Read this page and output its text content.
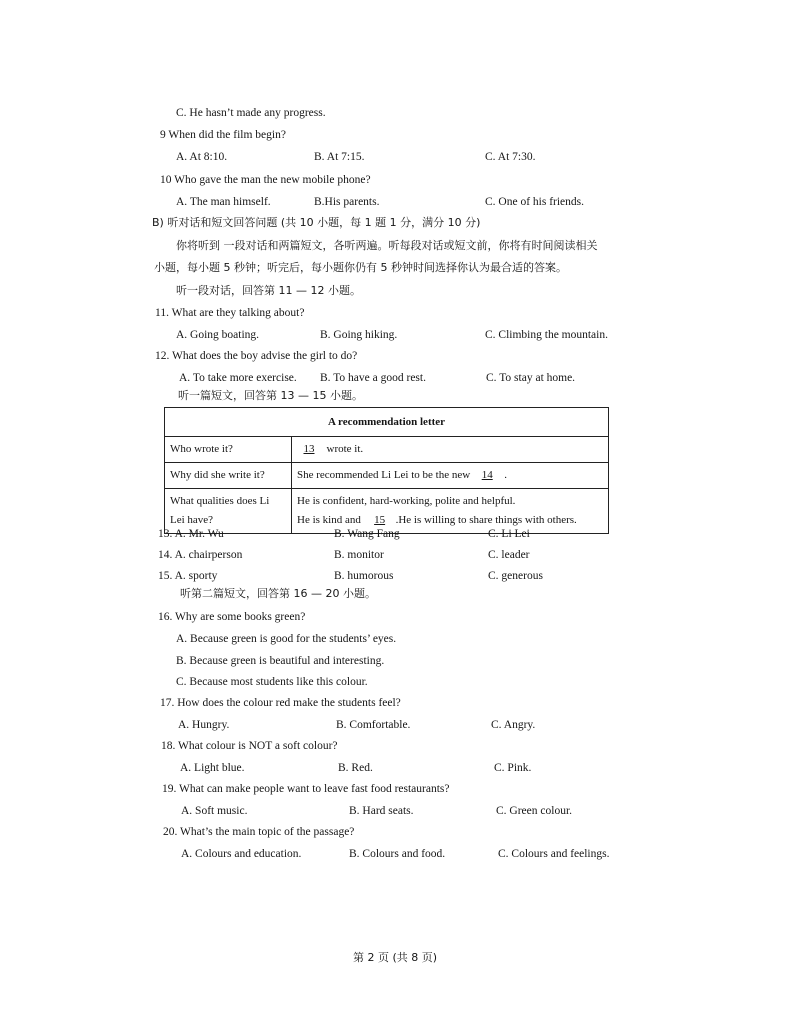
C. He hasn’t made any progress.
9 When did the film begin?
A. At 8:10.	B. At 7:15.	C. At 7:30.
10 Who gave the man the new mobile phone?
A. The man himself.	B.His parents.	C. One of his friends.
B) 听对话和短文回答问题 (共 10 小题，每 1 题 1 分，满分 10 分)
你将听到 一段对话和两篇短文，各听两遍。听每段对话或短文前，你将有时间阅读相关
小题，每小题 5 秒钟；听完后，每小题你仍有 5 秒钟时间选择你认为最合适的答案。
听一段对话，回答第 11 — 12 小题。
11. What are they talking about?
A. Going boating.	B. Going hiking.	C. Climbing the mountain.
12. What does the boy advise the girl to do?
A. To take more exercise. B. To have a good rest.	C. To stay at home.
听一篇短文，回答第 13 — 15 小题。
A recommendation letter	
Who wrote it?	13 wrote it.
Why did she write it?	She recommended Li Lei to be the new 14 .
What qualities does Li Lei have?	He is confident, hard-working, polite and helpful.
He is kind and 15 .He is willing to share things with others.
13. A. Mr. Wu	B. Wang Fang	C. Li Lei
14. A. chairperson	B. monitor	C. leader
15. A. sporty	B. humorous	C. generous
听第二篇短文，回答第 16 — 20 小题。
16. Why are some books green?
A. Because green is good for the students’ eyes.
B. Because green is beautiful and interesting.
C. Because most students like this colour.
17. How does the colour red make the students feel?
A. Hungry.	B. Comfortable.	C. Angry.
18. What colour is NOT a soft colour?
A. Light blue.	B. Red.	C. Pink.
19. What can make people want to leave fast food restaurants?
A. Soft music.	B. Hard seats.	C. Green colour.
20. What’s the main topic of the passage?
A. Colours and education.	B. Colours and food.	C. Colours and feelings.
第 2 页 (共 8 页)
